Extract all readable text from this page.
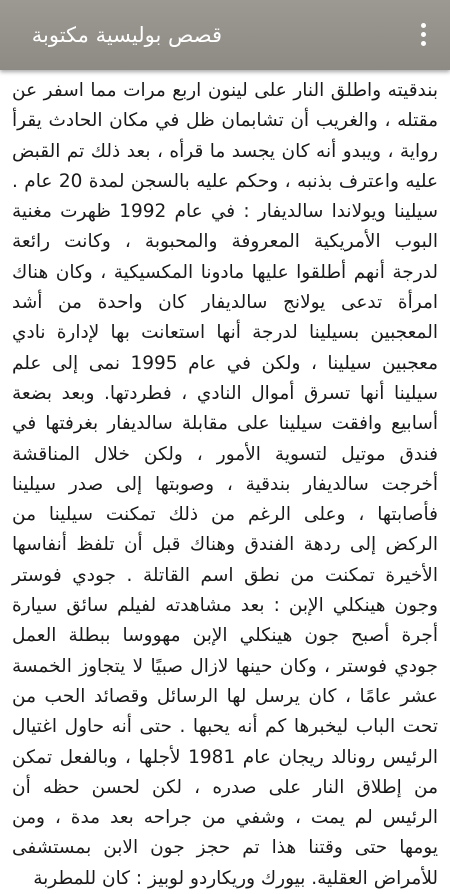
قصص بوليسية مكتوبة

بندقيته واطلق النار على لينون اربع مرات مما اسفر عن مقتله ، والغريب أن تشابمان ظل في مكان الحادث يقرأ رواية ، ويبدو أنه كان يجسد ما قرأه ، بعد ذلك تم القبض عليه واعترف بذنبه ، وحكم عليه بالسجن لمدة 20 عام . سيلينا ويولاندا سالديفار : في عام 1992 ظهرت مغنية البوب الأمريكية المعروفة والمحبوبة ، وكانت رائعة لدرجة أنهم أطلقوا عليها مادونا المكسيكية ، وكان هناك امرأة تدعى يولانج سالديفار كان واحدة من أشد المعجبين بسيلينا لدرجة أنها استعانت بها لإدارة نادي معجبين سيلينا ، ولكن في عام 1995 نمى إلى علم سيلينا أنها تسرق أموال النادي ، فطردتها. وبعد بضعة أسابيع وافقت سيلينا على مقابلة سالديفار بغرفتها في فندق موتيل لتسوية الأمور ، ولكن خلال المناقشة أخرجت سالديفار بندقية ، وصوبتها إلى صدر سيلينا فأصابتها ، وعلى الرغم من ذلك تمكنت سيلينا من الركض إلى ردهة الفندق وهناك قبل أن تلفظ أنفاسها الأخيرة تمكنت من نطق اسم القاتلة . جودي فوستر وجون هينكلي الإبن : بعد مشاهدته لفيلم سائق سيارة أجرة أصبح جون هينكلي الإبن مهووسا ببطلة العمل جودي فوستر ، وكان حينها لازال صبيًا لا يتجاوز الخمسة عشر عامًا ، كان يرسل لها الرسائل وقصائد الحب من تحت الباب ليخبرها كم أنه يحبها . حتى أنه حاول اغتيال الرئيس رونالد ريجان عام 1981 لأجلها ، وبالفعل تمكن من إطلاق النار على صدره ، لكن لحسن حظه أن الرئيس لم يمت ، وشفي من جراحه بعد مدة ، ومن يومها حتى وقتنا هذا تم حجز جون الابن بمستشفى للأمراض العقلية. بيورك وريكاردو لوبيز : كان للمطربة
